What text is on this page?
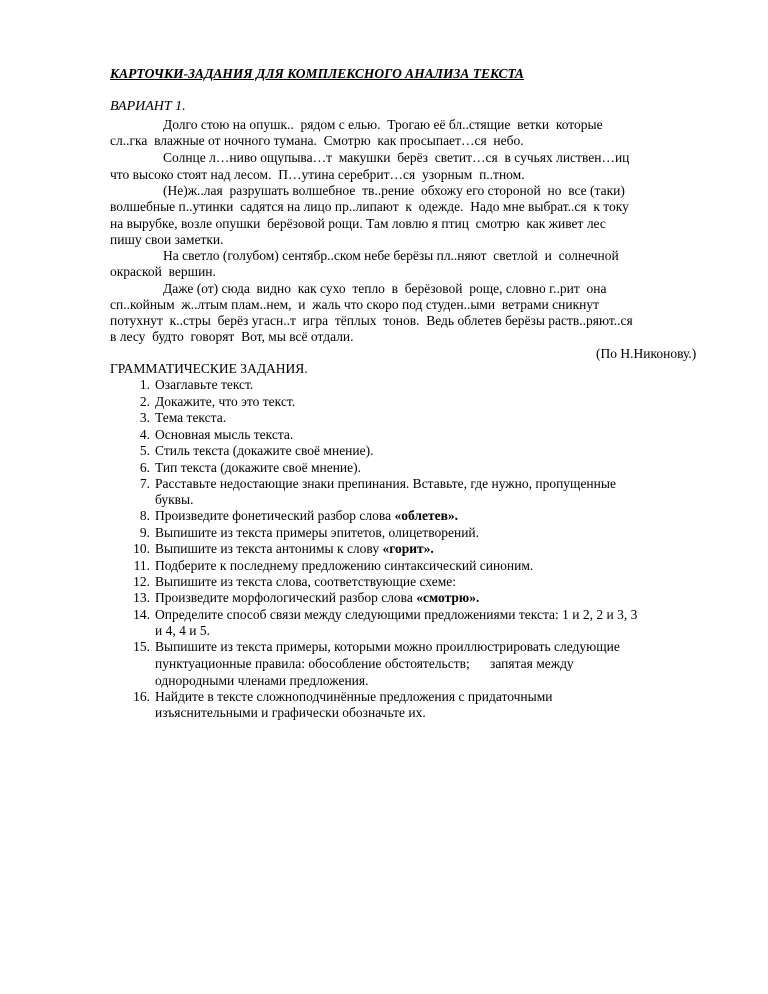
КАРТОЧКИ-ЗАДАНИЯ ДЛЯ КОМПЛЕКСНОГО АНАЛИЗА ТЕКСТА
ВАРИАНТ 1.
Долго стою на опушк..  рядом с елью.  Трогаю её бл..стящие  ветки  которые
сл..гка  влажные от ночного тумана.  Смотрю  как просыпает…ся  небо.
Солнце л…ниво ощупыва…т  макушки  берёз  светит…ся  в сучьях листвен…иц
что высоко стоят над лесом.  П…утина серебрит…ся  узорным  п..тном.
(Не)ж..лая  разрушать волшебное  тв..рение  обхожу его стороной  но  все (таки)
волшебные п..утинки  садятся на лицо пр..липают  к  одежде.  Надо мне выбрат..ся  к току
на вырубке, возле опушки  берёзовой рощи. Там ловлю я птиц  смотрю  как живет лес
пишу свои заметки.
На светло (голубом) сентябр..ском небе берёзы пл..няют  светлой  и  солнечной
окраской  вершин.
Даже (от) сюда  видно  как сухо  тепло  в  берёзовой  роще, словно г..рит  она
сп..койным  ж..лтым плам..нем,  и  жаль что скоро под студен..ыми  ветрами сникнут
потухнут  к..стры  берёз угасн..т  игра  тёплых  тонов.  Ведь облетев берёзы раств..ряют..ся
в лесу  будто  говорят  Вот, мы всё отдали.
(По Н.Никонову.)
ГРАММАТИЧЕСКИЕ ЗАДАНИЯ.
1. Озаглавьте текст.
2. Докажите, что это текст.
3. Тема текста.
4. Основная мысль текста.
5. Стиль текста (докажите своё мнение).
6. Тип текста (докажите своё мнение).
7. Расставьте недостающие знаки препинания. Вставьте, где нужно, пропущенные
буквы.
8. Произведите фонетический разбор слова «облетев».
9. Выпишите из текста примеры эпитетов, олицетворений.
10. Выпишите из текста антонимы к слову «горит».
11. Подберите к последнему предложению синтаксический синоним.
12. Выпишите из текста слова, соответствующие схеме:
13. Произведите морфологический разбор слова «смотрю».
14. Определите способ связи между следующими предложениями текста: 1 и 2, 2 и 3, 3
и 4, 4 и 5.
15. Выпишите из текста примеры, которыми можно проиллюстрировать следующие
пунктуационные правила: обособление обстоятельств;      запятая между
однородными членами предложения.
16. Найдите в тексте сложноподчинённые предложения с придаточными
изъяснительными и графически обозначьте их.
